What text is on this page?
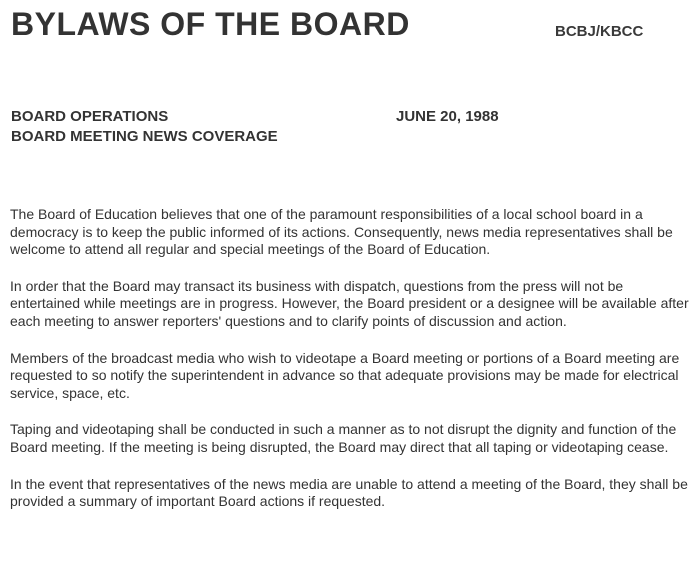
BYLAWS OF THE BOARD	BCBJ/KBCC
BOARD OPERATIONS
BOARD MEETING NEWS COVERAGE
JUNE 20, 1988

The Board of Education believes that one of the paramount responsibilities of a local school board in a democracy is to keep the public informed of its actions. Consequently, news media representatives shall be welcome to attend all regular and special meetings of the Board of Education.

In order that the Board may transact its business with dispatch, questions from the press will not be entertained while meetings are in progress. However, the Board president or a designee will be available after each meeting to answer reporters' questions and to clarify points of discussion and action.

Members of the broadcast media who wish to videotape a Board meeting or portions of a Board meeting are requested to so notify the superintendent in advance so that adequate provisions may be made for electrical service, space, etc.

Taping and videotaping shall be conducted in such a manner as to not disrupt the dignity and function of the Board meeting. If the meeting is being disrupted, the Board may direct that all taping or videotaping cease.

In the event that representatives of the news media are unable to attend a meeting of the Board, they shall be provided a summary of important Board actions if requested.
